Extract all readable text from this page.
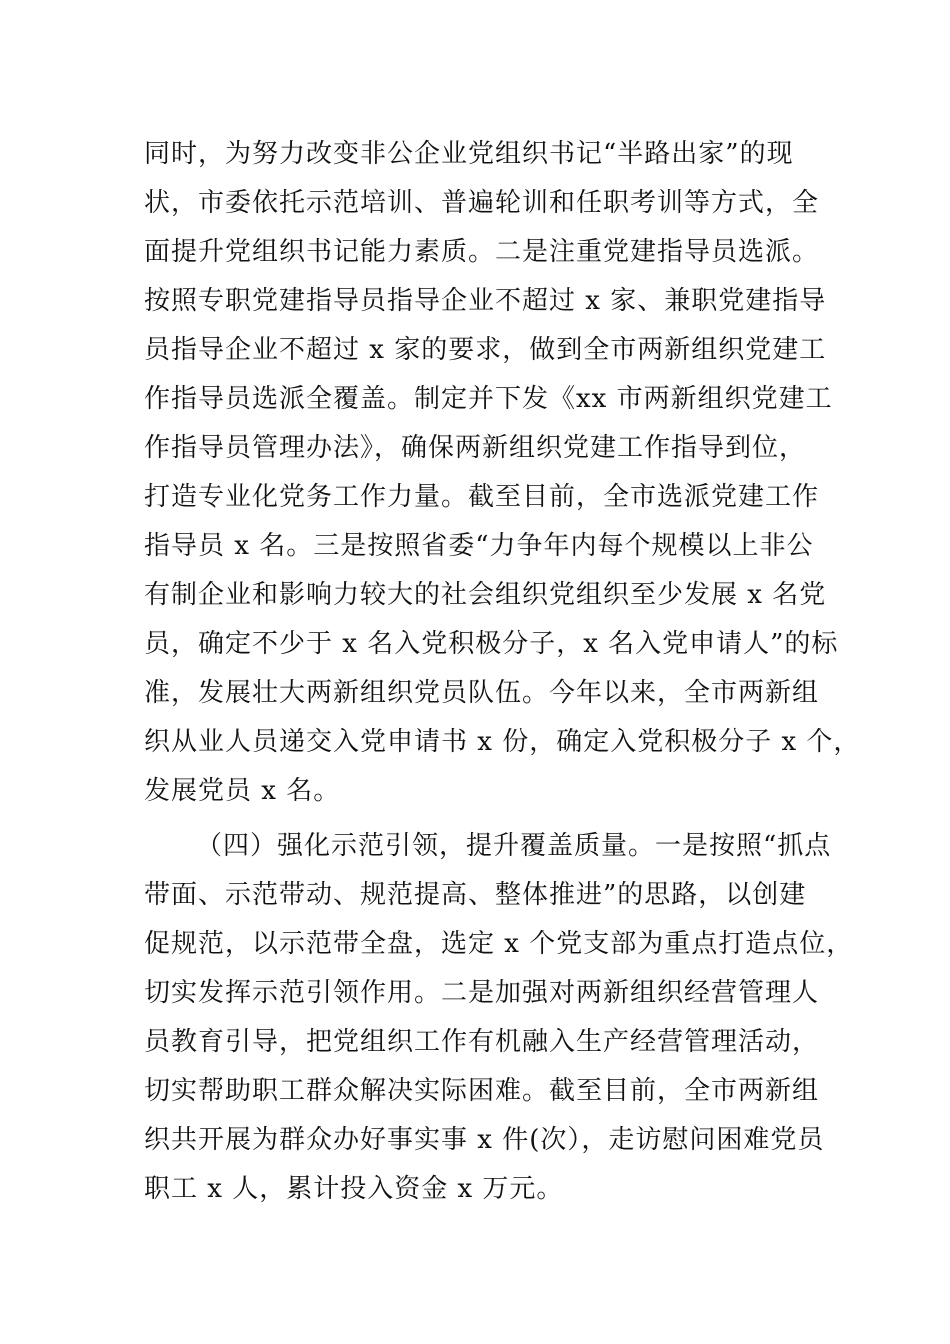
同时，为努力改变非公企业党组织书记“半路出家”的现

状，市委依托示范培训、普遍轮训和任职考训等方式，全

面提升党组织书记能力素质。二是注重党建指导员选派。

按照专职党建指导员指导企业不超过 x 家、兼职党建指导

员指导企业不超过 x 家的要求，做到全市两新组织党建工

作指导员选派全覆盖。制定并下发《xx 市两新组织党建工

作指导员管理办法》，确保两新组织党建工作指导到位，

打造专业化党务工作力量。截至目前，全市选派党建工作

指导员 x 名。三是按照省委“力争年内每个规模以上非公

有制企业和影响力较大的社会组织党组织至少发展 x 名党

员，确定不少于 x 名入党积极分子，x 名入党申请人”的标

准，发展壮大两新组织党员队伍。今年以来，全市两新组

织从业人员递交入党申请书 x 份，确定入党积极分子 x 个，

发展党员 x 名。

（四）强化示范引领，提升覆盖质量。一是按照“抓点

带面、示范带动、规范提高、整体推进”的思路，以创建

促规范，以示范带全盘，选定 x 个党支部为重点打造点位，

切实发挥示范引领作用。二是加强对两新组织经营管理人

员教育引导，把党组织工作有机融入生产经营管理活动，

切实帮助职工群众解决实际困难。截至目前，全市两新组

织共开展为群众办好事实事 x 件(次），走访慰问困难党员

职工 x 人，累计投入资金 x 万元。
